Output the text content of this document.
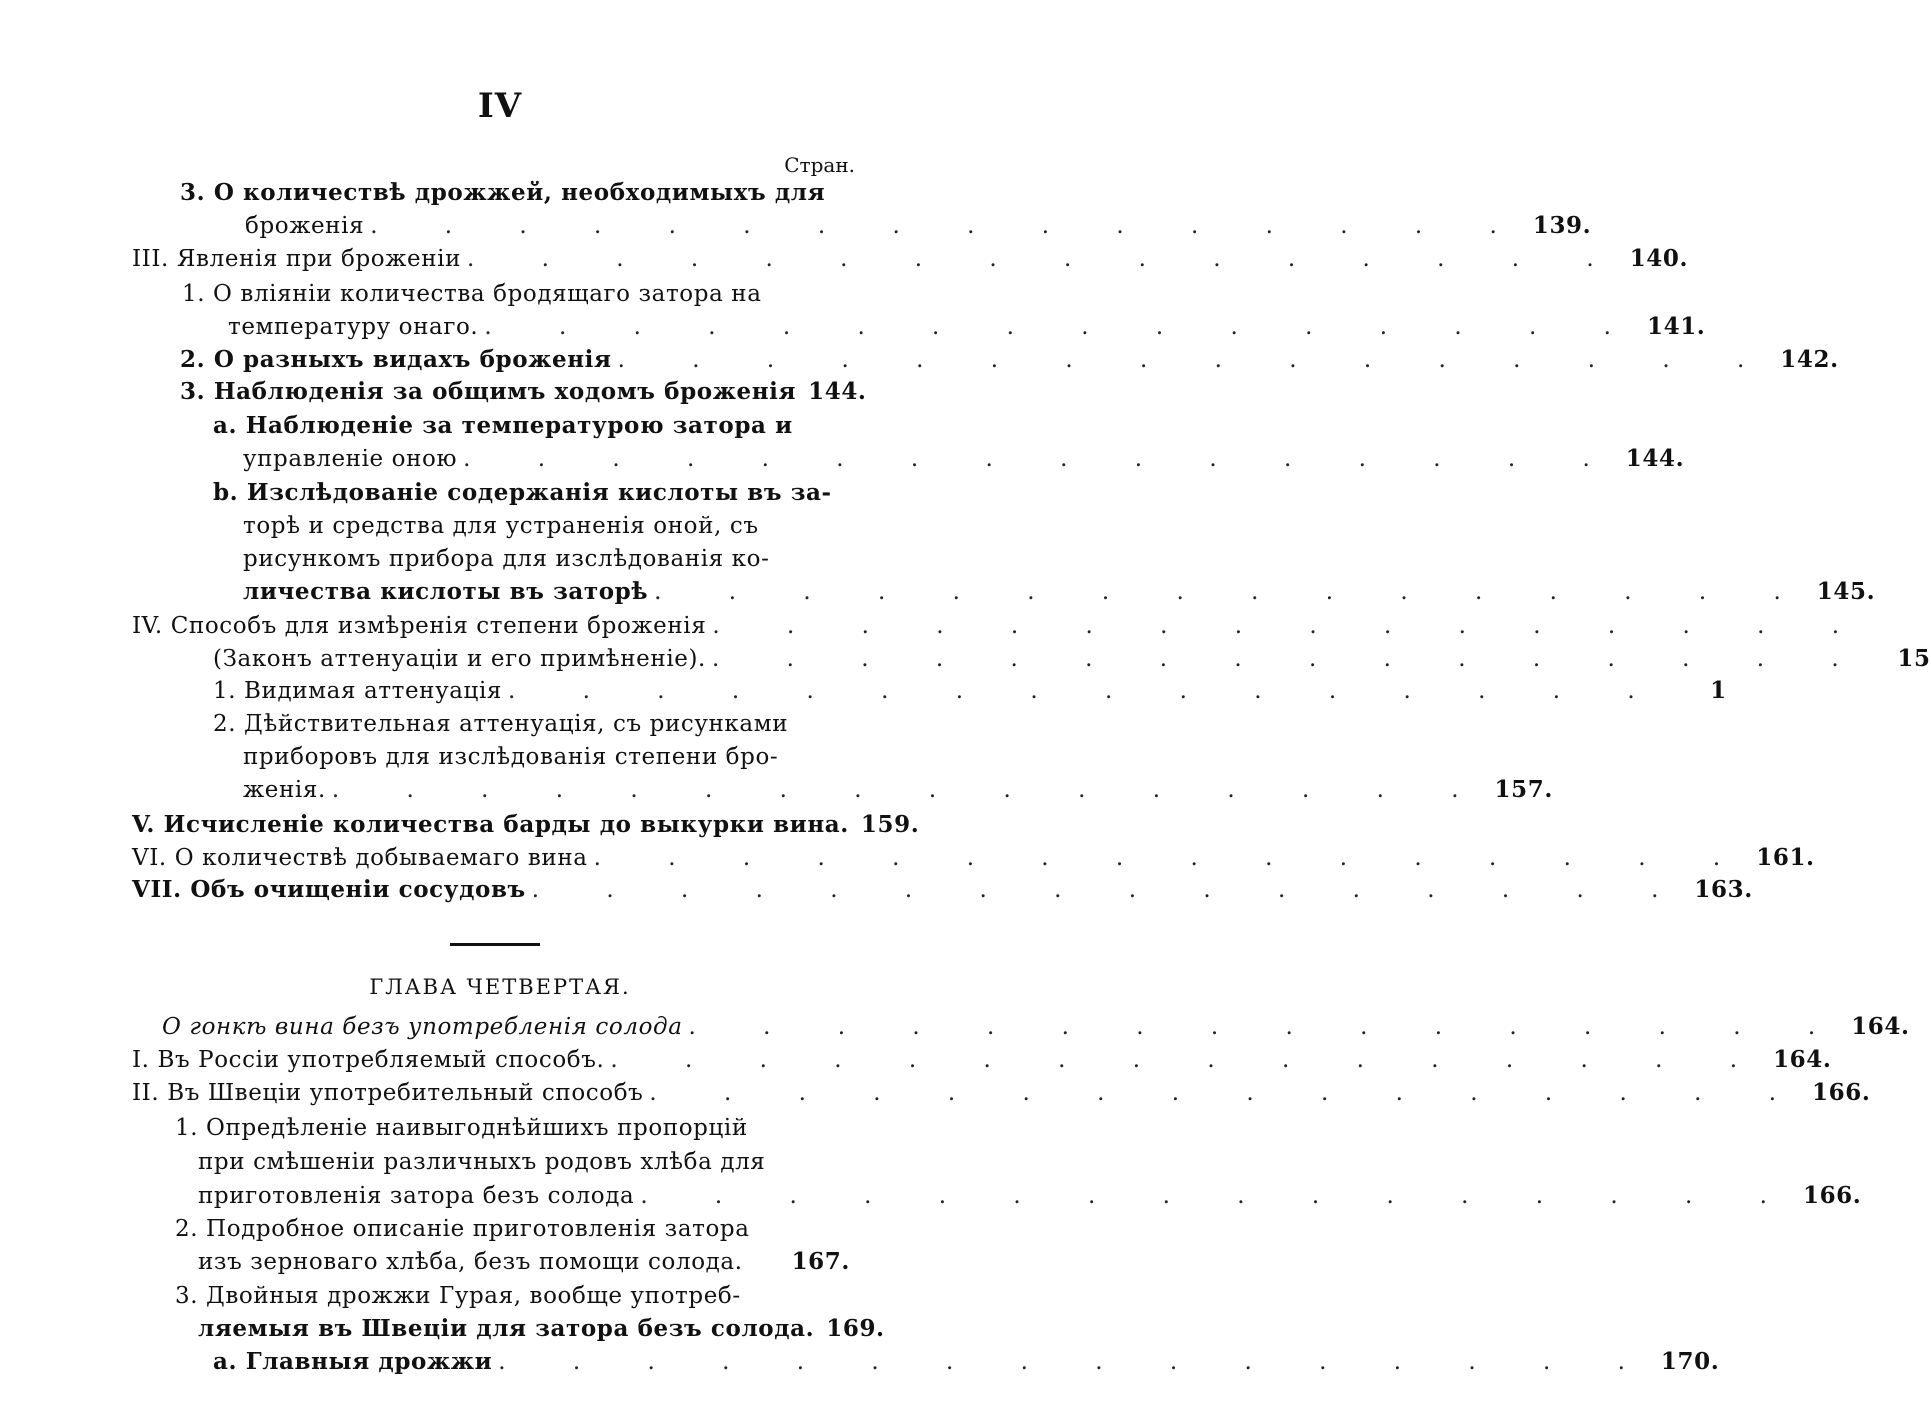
IV
Стран.
3. О количествѣ дрожжей, необходимыхъ для
броженія . . . . . . . . . . . . . . . . 139.
III. Явленія при броженіи . . . . . . . . . . . . . . . . 140.
1. О вліяніи количества бродящаго затора на
температуру онаго. . . . . . . . . . . . . . . . . 141.
2. О разныхъ видахъ броженія . . . . . . . . . . . . . . . . 142.
3. Наблюденія за общимъ ходомъ броженія 144.
a. Наблюденіе за температурою затора и
управленіе оною . . . . . . . . . . . . . . . . 144.
b. Изслѣдованіе содержанія кислоты въ за-
торѣ и средства для устраненія оной, съ
рисункомъ прибора для изслѣдованія ко-
личества кислоты въ заторѣ . . . . . . . . . . . . . . . . 145.
IV. Способъ для измѣренія степени броженія . . . . . . . . . . . . . . . .
(Законъ аттенуаціи и его примѣненіе). . . . . . . . . . . . . . . . .	15
1. Видимая аттенуація . . . . . . . . . . . . . . . .	1
2. Дѣйствительная аттенуація, съ рисунками
приборовъ для изслѣдованія степени бро-
женія. . . . . . . . . . . . . . . . . 157.
V. Исчисленіе количества барды до выкурки вина. 159.
VI. О количествѣ добываемаго вина . . . . . . . . . . . . . . . . 161.
VII. Объ очищеніи сосудовъ . . . . . . . . . . . . . . . . 163.
ГЛАВА ЧЕТВЕРТАЯ.
О гонкѣ вина безъ употребленія солода . . . . . . . . . . . . . . . . 164.
I. Въ Россіи употребляемый способъ. . . . . . . . . . . . . . . . . 164.
II. Въ Швеціи употребительный способъ . . . . . . . . . . . . . . . . 166.
1. Опредѣленіе наивыгоднѣйшихъ пропорцій
при смѣшеніи различныхъ родовъ хлѣба для
приготовленія затора безъ солода . . . . . . . . . . . . . . . . 166.
2. Подробное описаніе приготовленія затора
изъ зерноваго хлѣба, безъ помощи солода. 167.
3. Двойныя дрожжи Гурая, вообще употреб-
ляемыя въ Швеціи для затора безъ солода. 169.
a. Главныя дрожжи . . . . . . . . . . . . . . . . 170.
